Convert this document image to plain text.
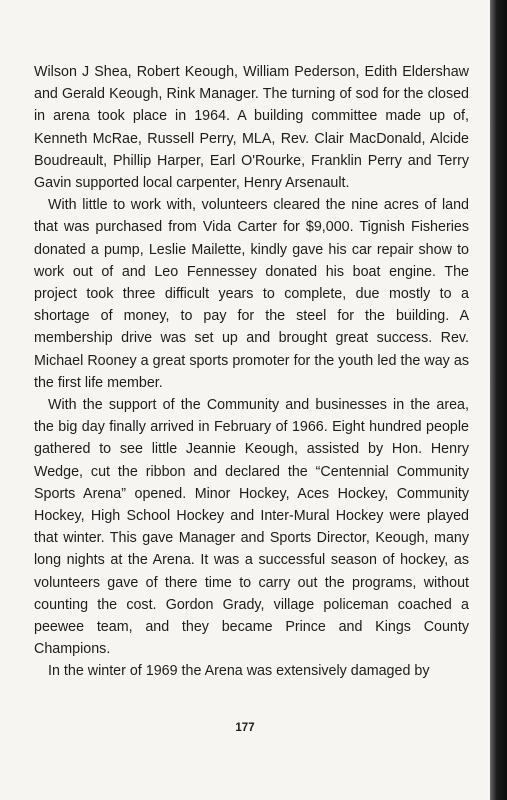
Wilson J Shea, Robert Keough, William Pederson, Edith Eldershaw and Gerald Keough, Rink Manager. The turning of sod for the closed in arena took place in 1964. A building committee made up of, Kenneth McRae, Russell Perry, MLA, Rev. Clair MacDonald, Alcide Boudreault, Phillip Harper, Earl O'Rourke, Franklin Perry and Terry Gavin supported local carpenter, Henry Arsenault.

With little to work with, volunteers cleared the nine acres of land that was purchased from Vida Carter for $9,000. Tignish Fisheries donated a pump, Leslie Mailette, kindly gave his car repair show to work out of and Leo Fennessey donated his boat engine. The project took three difficult years to complete, due mostly to a shortage of money, to pay for the steel for the building. A membership drive was set up and brought great success. Rev. Michael Rooney a great sports promoter for the youth led the way as the first life member.

With the support of the Community and businesses in the area, the big day finally arrived in February of 1966. Eight hundred people gathered to see little Jeannie Keough, assisted by Hon. Henry Wedge, cut the ribbon and declared the “Centennial Community Sports Arena” opened. Minor Hockey, Aces Hockey, Community Hockey, High School Hockey and Inter-Mural Hockey were played that winter. This gave Manager and Sports Director, Keough, many long nights at the Arena. It was a successful season of hockey, as volunteers gave of there time to carry out the programs, without counting the cost. Gordon Grady, village policeman coached a peewee team, and they became Prince and Kings County Champions.

In the winter of 1969 the Arena was extensively damaged by

177
